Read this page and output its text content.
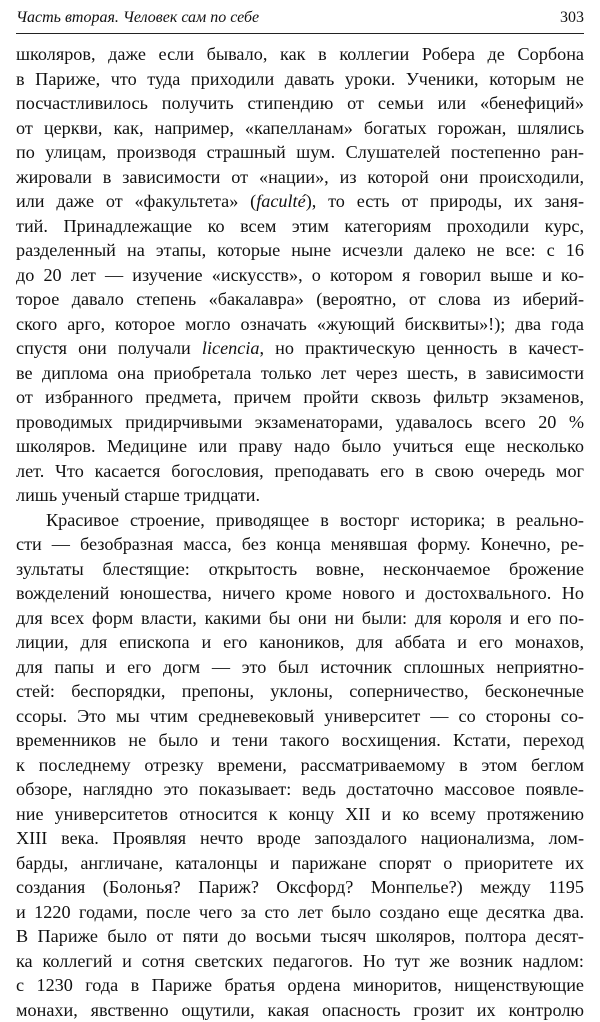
Часть вторая. Человек сам по себе	303

школяров, даже если бывало, как в коллегии Робера де Сорбона
в Париже, что туда приходили давать уроки. Ученики, которым не
посчастливилось получить стипендию от семьи или «бенефиций»
от церкви, как, например, «капелланам» богатых горожан, шлялись
по улицам, производя страшный шум. Слушателей постепенно ран-
жировали в зависимости от «нации», из которой они происходили,
или даже от «факультета» (faculté), то есть от природы, их заня-
тий. Принадлежащие ко всем этим категориям проходили курс,
разделенный на этапы, которые ныне исчезли далеко не все: с 16
до 20 лет — изучение «искусств», о котором я говорил выше и ко-
торое давало степень «бакалавра» (вероятно, от слова из иберий-
ского арго, которое могло означать «жующий бисквиты»!); два года
спустя они получали licencia, но практическую ценность в качест-
ве диплома она приобретала только лет через шесть, в зависимости
от избранного предмета, причем пройти сквозь фильтр экзаменов,
проводимых придирчивыми экзаменаторами, удавалось всего 20 %
школяров. Медицине или праву надо было учиться еще несколько
лет. Что касается богословия, преподавать его в свою очередь мог
лишь ученый старше тридцати.

Красивое строение, приводящее в восторг историка; в реально-
сти — безобразная масса, без конца менявшая форму. Конечно, ре-
зультаты блестящие: открытость вовне, нескончаемое брожение
вожделений юношества, ничего кроме нового и достохвального. Но
для всех форм власти, какими бы они ни были: для короля и его по-
лиции, для епископа и его каноников, для аббата и его монахов,
для папы и его догм — это был источник сплошных неприятно-
стей: беспорядки, препоны, уклоны, соперничество, бесконечные
ссоры. Это мы чтим средневековый университет — со стороны со-
временников не было и тени такого восхищения. Кстати, переход
к последнему отрезку времени, рассматриваемому в этом беглом
обзоре, наглядно это показывает: ведь достаточно массовое появле-
ние университетов относится к концу XII и ко всему протяжению
XIII века. Проявляя нечто вроде запоздалого национализма, лом-
барды, англичане, каталонцы и парижане спорят о приоритете их
создания (Болонья? Париж? Оксфорд? Монпелье?) между 1195
и 1220 годами, после чего за сто лет было создано еще десятка два.
В Париже было от пяти до восьми тысяч школяров, полтора десят-
ка коллегий и сотня светских педагогов. Но тут же возник надлом:
с 1230 года в Париже братья ордена миноритов, нищенствующие
монахи, явственно ощутили, какая опасность грозит их контролю
